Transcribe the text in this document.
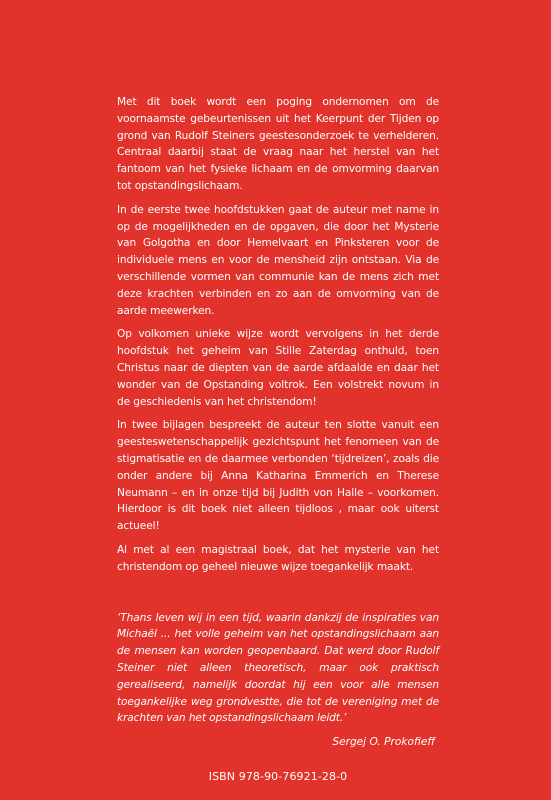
Met dit boek wordt een poging ondernomen om de voornaamste gebeurtenissen uit het Keerpunt der Tijden op grond van Rudolf Steiners geestesonderzoek te verhelderen. Centraal daarbij staat de vraag naar het herstel van het fantoom van het fysieke lichaam en de omvorming daarvan tot opstandingslichaam.

In de eerste twee hoofdstukken gaat de auteur met name in op de mogelijkheden en de opgaven, die door het Mysterie van Golgotha en door Hemelvaart en Pinksteren voor de individuele mens en voor de mensheid zijn ontstaan. Via de verschillende vormen van communie kan de mens zich met deze krachten verbinden en zo aan de omvorming van de aarde meewerken.

Op volkomen unieke wijze wordt vervolgens in het derde hoofdstuk het geheim van Stille Zaterdag onthuld, toen Christus naar de diepten van de aarde afdaalde en daar het wonder van de Opstanding voltrok. Een volstrekt novum in de geschiedenis van het christendom!

In twee bijlagen bespreekt de auteur ten slotte vanuit een geesteswetenschappelijk gezichtspunt het fenomeen van de stigmatisatie en de daarmee verbonden ‘tijdreizen’, zoals die onder andere bij Anna Katharina Emmerich en Therese Neumann – en in onze tijd bij Judith von Halle – voorkomen. Hierdoor is dit boek niet alleen tijdloos , maar ook uiterst actueel!

Al met al een magistraal boek, dat het mysterie van het christendom op geheel nieuwe wijze toegankelijk maakt.

‘Thans leven wij in een tijd, waarin dankzij de inspiraties van Michaël ... het volle geheim van het opstandingslichaam aan de mensen kan worden geopenbaard. Dat werd door Rudolf Steiner niet alleen theoretisch, maar ook praktisch gerealiseerd, namelijk doordat hij een voor alle mensen toegankelijke weg grondvestte, die tot de vereniging met de krachten van het opstandingslichaam leidt.’
Sergej O. Prokofieff
ISBN 978-90-76921-28-0
